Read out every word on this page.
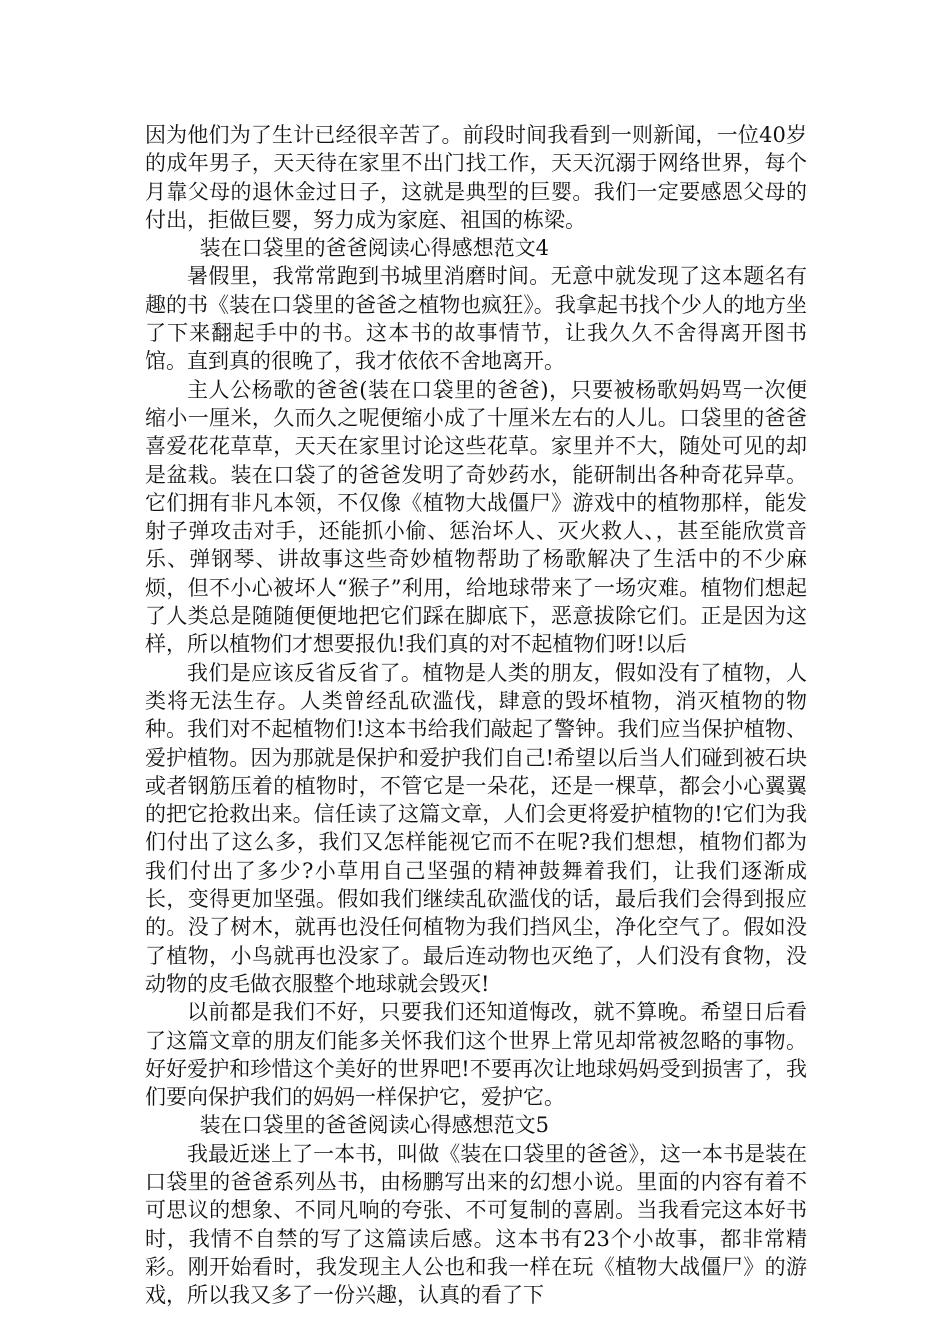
因为他们为了生计已经很辛苦了。前段时间我看到一则新闻，一位40岁的成年男子，天天待在家里不出门找工作，天天沉溺于网络世界，每个月靠父母的退休金过日子，这就是典型的巨婴。我们一定要感恩父母的付出，拒做巨婴，努力成为家庭、祖国的栋梁。

装在口袋里的爸爸阅读心得感想范文4

暑假里，我常常跑到书城里消磨时间。无意中就发现了这本题名有趣的书《装在口袋里的爸爸之植物也疯狂》。我拿起书找个少人的地方坐了下来翻起手中的书。这本书的故事情节，让我久久不舍得离开图书馆。直到真的很晚了，我才依依不舍地离开。

主人公杨歌的爸爸(装在口袋里的爸爸)，只要被杨歌妈妈骂一次便缩小一厘米，久而久之呢便缩小成了十厘米左右的人儿。口袋里的爸爸喜爱花花草草，天天在家里讨论这些花草。家里并不大，随处可见的却是盆栽。装在口袋了的爸爸发明了奇妙药水，能研制出各种奇花异草。它们拥有非凡本领，不仅像《植物大战僵尸》游戏中的植物那样，能发射子弹攻击对手，还能抓小偷、惩治坏人、灭火救人、，甚至能欣赏音乐、弹钢琴、讲故事这些奇妙植物帮助了杨歌解决了生活中的不少麻烦，但不小心被坏人“猴子”利用，给地球带来了一场灾难。植物们想起了人类总是随随便便地把它们踩在脚底下，恶意拔除它们。正是因为这样，所以植物们才想要报仇!我们真的对不起植物们呀!以后

我们是应该反省反省了。植物是人类的朋友，假如没有了植物，人类将无法生存。人类曾经乱砍滥伐，肆意的毁坏植物，消灭植物的物种。我们对不起植物们!这本书给我们敲起了警钟。我们应当保护植物、爱护植物。因为那就是保护和爱护我们自己!希望以后当人们碰到被石块或者钢筋压着的植物时，不管它是一朵花，还是一棵草，都会小心翼翼的把它抢救出来。信任读了这篇文章，人们会更将爱护植物的!它们为我们付出了这么多，我们又怎样能视它而不在呢?我们想想，植物们都为我们付出了多少?小草用自己坚强的精神鼓舞着我们，让我们逐渐成长，变得更加坚强。假如我们继续乱砍滥伐的话，最后我们会得到报应的。没了树木，就再也没任何植物为我们挡风尘，净化空气了。假如没了植物，小鸟就再也没家了。最后连动物也灭绝了，人们没有食物，没动物的皮毛做衣服整个地球就会毁灭!

以前都是我们不好，只要我们还知道悔改，就不算晚。希望日后看了这篇文章的朋友们能多关怀我们这个世界上常见却常被忽略的事物。好好爱护和珍惜这个美好的世界吧!不要再次让地球妈妈受到损害了，我们要向保护我们的妈妈一样保护它，爱护它。

装在口袋里的爸爸阅读心得感想范文5

我最近迷上了一本书，叫做《装在口袋里的爸爸》，这一本书是装在口袋里的爸爸系列丛书，由杨鹏写出来的幻想小说。里面的内容有着不可思议的想象、不同凡响的夸张、不可复制的喜剧。当我看完这本好书时，我情不自禁的写了这篇读后感。这本书有23个小故事，都非常精彩。刚开始看时，我发现主人公也和我一样在玩《植物大战僵尸》的游戏，所以我又多了一份兴趣，认真的看了下
